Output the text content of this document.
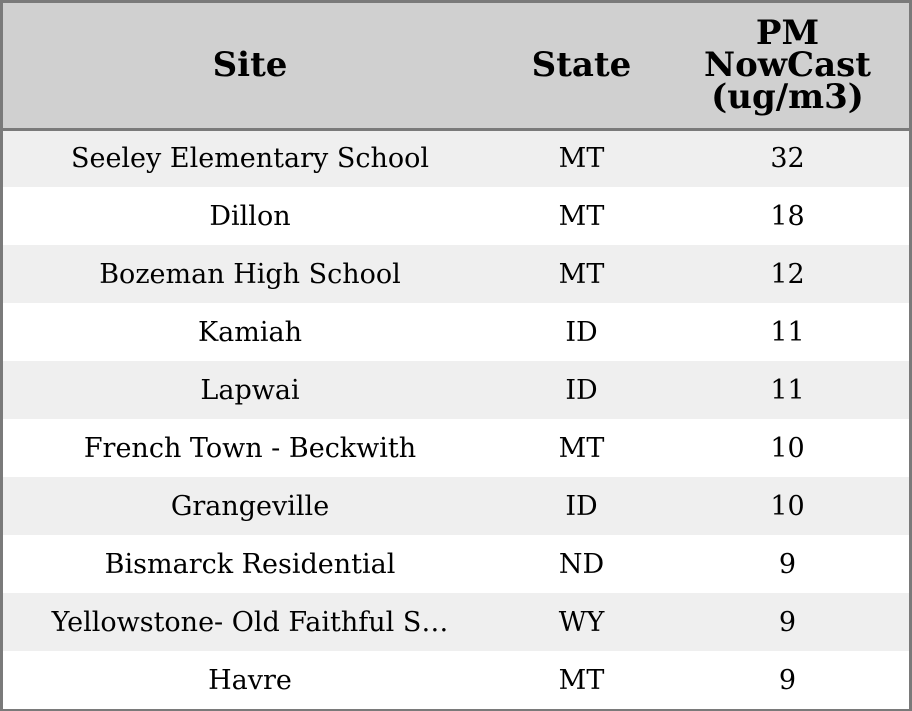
Site	State	PM
NowCast
(ug/m3)

Seeley Elementary School	MT	32
Dillon	MT	18
Bozeman High School	MT	12
Kamiah	ID	11
Lapwai	ID	11
French Town - Beckwith	MT	10
Grangeville	ID	10
Bismarck Residential	ND	9
Yellowstone- Old Faithful S…	WY	9
Havre	MT	9
